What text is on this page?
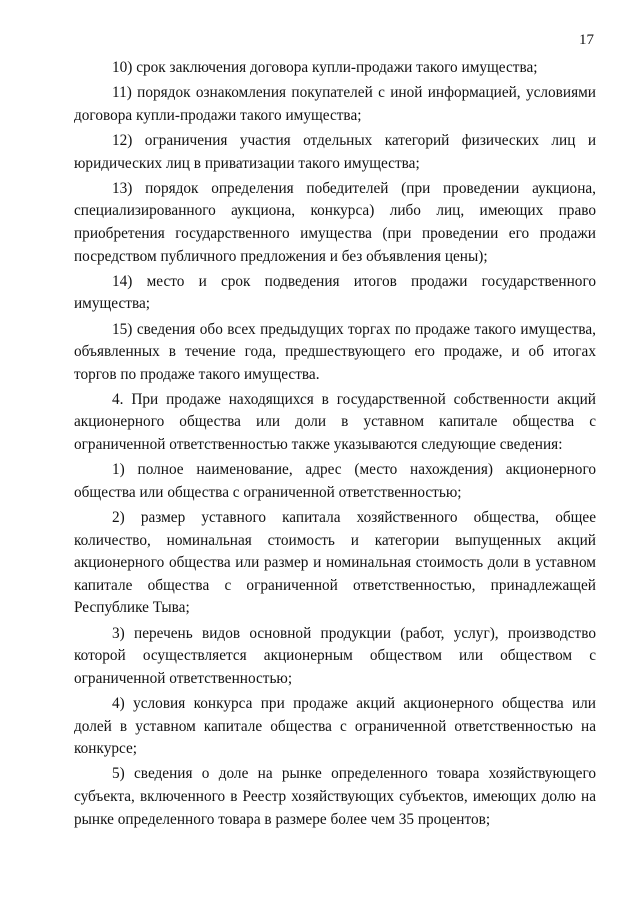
17

10) срок заключения договора купли-продажи такого имущества;

11) порядок ознакомления покупателей с иной информацией, условиями договора купли-продажи такого имущества;

12) ограничения участия отдельных категорий физических лиц и юридических лиц в приватизации такого имущества;

13) порядок определения победителей (при проведении аукциона, специализированного аукциона, конкурса) либо лиц, имеющих право приобретения государственного имущества (при проведении его продажи посредством публичного предложения и без объявления цены);

14) место и срок подведения итогов продажи государственного имущества;

15) сведения обо всех предыдущих торгах по продаже такого имущества, объявленных в течение года, предшествующего его продаже, и об итогах торгов по продаже такого имущества.

4. При продаже находящихся в государственной собственности акций акционерного общества или доли в уставном капитале общества с ограниченной ответственностью также указываются следующие сведения:

1) полное наименование, адрес (место нахождения) акционерного общества или общества с ограниченной ответственностью;

2) размер уставного капитала хозяйственного общества, общее количество, номинальная стоимость и категории выпущенных акций акционерного общества или размер и номинальная стоимость доли в уставном капитале общества с ограниченной ответственностью, принадлежащей Республике Тыва;

3) перечень видов основной продукции (работ, услуг), производство которой осуществляется акционерным обществом или обществом с ограниченной ответственностью;

4) условия конкурса при продаже акций акционерного общества или долей в уставном капитале общества с ограниченной ответственностью на конкурсе;

5) сведения о доле на рынке определенного товара хозяйствующего субъекта, включенного в Реестр хозяйствующих субъектов, имеющих долю на рынке определенного товара в размере более чем 35 процентов;
